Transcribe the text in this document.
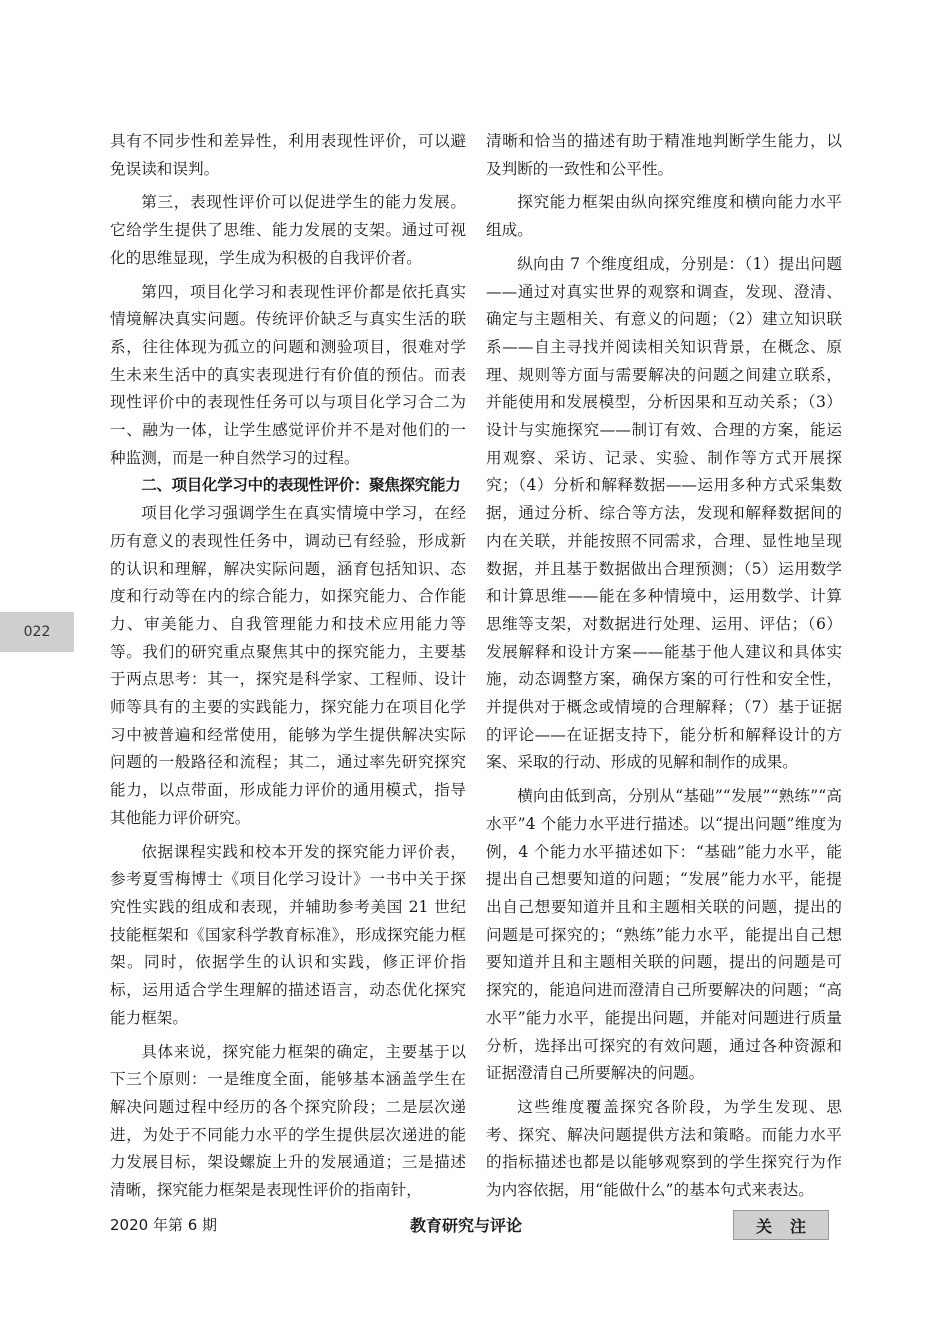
具有不同步性和差异性，利用表现性评价，可以避免误读和误判。

第三，表现性评价可以促进学生的能力发展。它给学生提供了思维、能力发展的支架。通过可视化的思维显现，学生成为积极的自我评价者。

第四，项目化学习和表现性评价都是依托真实情境解决真实问题。传统评价缺乏与真实生活的联系，往往体现为孤立的问题和测验项目，很难对学生未来生活中的真实表现进行有价值的预估。而表现性评价中的表现性任务可以与项目化学习合二为一、融为一体，让学生感觉评价并不是对他们的一种监测，而是一种自然学习的过程。

二、项目化学习中的表现性评价：聚焦探究能力

项目化学习强调学生在真实情境中学习，在经历有意义的表现性任务中，调动已有经验，形成新的认识和理解，解决实际问题，涵育包括知识、态度和行动等在内的综合能力，如探究能力、合作能力、审美能力、自我管理能力和技术应用能力等等。我们的研究重点聚焦其中的探究能力，主要基于两点思考：其一，探究是科学家、工程师、设计师等具有的主要的实践能力，探究能力在项目化学习中被普遍和经常使用，能够为学生提供解决实际问题的一般路径和流程；其二，通过率先研究探究能力，以点带面，形成能力评价的通用模式，指导其他能力评价研究。

依据课程实践和校本开发的探究能力评价表，参考夏雪梅博士《项目化学习设计》一书中关于探究性实践的组成和表现，并辅助参考美国 21 世纪技能框架和《国家科学教育标准》，形成探究能力框架。同时，依据学生的认识和实践，修正评价指标，运用适合学生理解的描述语言，动态优化探究能力框架。

具体来说，探究能力框架的确定，主要基于以下三个原则：一是维度全面，能够基本涵盖学生在解决问题过程中经历的各个探究阶段；二是层次递进，为处于不同能力水平的学生提供层次递进的能力发展目标，架设螺旋上升的发展通道；三是描述清晰，探究能力框架是表现性评价的指南针，

清晰和恰当的描述有助于精准地判断学生能力，以及判断的一致性和公平性。

探究能力框架由纵向探究维度和横向能力水平组成。

纵向由 7 个维度组成，分别是：（1）提出问题——通过对真实世界的观察和调查，发现、澄清、确定与主题相关、有意义的问题；（2）建立知识联系——自主寻找并阅读相关知识背景，在概念、原理、规则等方面与需要解决的问题之间建立联系，并能使用和发展模型，分析因果和互动关系；（3）设计与实施探究——制订有效、合理的方案，能运用观察、采访、记录、实验、制作等方式开展探究；（4）分析和解释数据——运用多种方式采集数据，通过分析、综合等方法，发现和解释数据间的内在关联，并能按照不同需求，合理、显性地呈现数据，并且基于数据做出合理预测；（5）运用数学和计算思维——能在多种情境中，运用数学、计算思维等支架，对数据进行处理、运用、评估；（6）发展解释和设计方案——能基于他人建议和具体实施，动态调整方案，确保方案的可行性和安全性，并提供对于概念或情境的合理解释；（7）基于证据的评论——在证据支持下，能分析和解释设计的方案、采取的行动、形成的见解和制作的成果。

横向由低到高，分别从“基础”“发展”“熟练”“高水平”4 个能力水平进行描述。以“提出问题”维度为例，4 个能力水平描述如下：“基础”能力水平，能提出自己想要知道的问题；“发展”能力水平，能提出自己想要知道并且和主题相关联的问题，提出的问题是可探究的；“熟练”能力水平，能提出自己想要知道并且和主题相关联的问题，提出的问题是可探究的，能追问进而澄清自己所要解决的问题；“高水平”能力水平，能提出问题，并能对问题进行质量分析，选择出可探究的有效问题，通过各种资源和证据澄清自己所要解决的问题。

这些维度覆盖探究各阶段，为学生发现、思考、探究、解决问题提供方法和策略。而能力水平的指标描述也都是以能够观察到的学生探究行为作为内容依据，用“能做什么”的基本句式来表达。

022
2020 年第 6 期	教育研究与评论	关注
